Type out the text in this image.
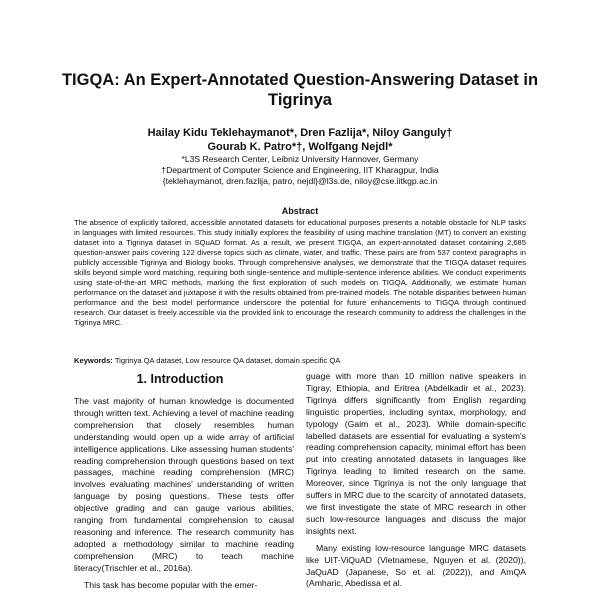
TIGQA: An Expert-Annotated Question-Answering Dataset in Tigrinya
Hailay Kidu Teklehaymanot*, Dren Fazlija*, Niloy Ganguly†
Gourab K. Patro*†, Wolfgang Nejdl*
*L3S Research Center, Leibniz University Hannover, Germany
†Department of Computer Science and Engineering, IIT Kharagpur, India
{teklehaymanot, dren.fazlija, patro, nejdl}@l3s.de, niloy@cse.iitkgp.ac.in
Abstract
The absence of explicitly tailored, accessible annotated datasets for educational purposes presents a notable obstacle for NLP tasks in languages with limited resources. This study initially explores the feasibility of using machine translation (MT) to convert an existing dataset into a Tigrinya dataset in SQuAD format. As a result, we present TIGQA, an expert-annotated dataset containing 2,685 question-answer pairs covering 122 diverse topics such as climate, water, and traffic. These pairs are from 537 context paragraphs in publicly accessible Tigrinya and Biology books. Through comprehensive analyses, we demonstrate that the TIGQA dataset requires skills beyond simple word matching, requiring both single-sentence and multiple-sentence inference abilities. We conduct experiments using state-of-the-art MRC methods, marking the first exploration of such models on TIGQA. Additionally, we estimate human performance on the dataset and juxtapose it with the results obtained from pre-trained models. The notable disparities between human performance and the best model performance underscore the potential for future enhancements to TIGQA through continued research. Our dataset is freely accessible via the provided link to encourage the research community to address the challenges in the Tigrinya MRC.
Keywords: Tigrinya QA dataset, Low resource QA dataset, domain specific QA
1. Introduction

The vast majority of human knowledge is documented through written text. Achieving a level of machine reading comprehension that closely resembles human understanding would open up a wide array of artificial intelligence applications. Like assessing human students' reading comprehension through questions based on text passages, machine reading comprehension (MRC) involves evaluating machines' understanding of written language by posing questions. These tests offer objective grading and can gauge various abilities, ranging from fundamental comprehension to causal reasoning and inference. The research community has adopted a methodology similar to machine reading comprehension (MRC) to teach machine literacy(Trischler et al., 2016a).

This task has become popular with the emer-

guage with more than 10 million native speakers in Tigray, Ethiopia, and Eritrea (Abdelkadir et al., 2023). Tigrinya differs significantly from English regarding linguistic properties, including syntax, morphology, and typology (Gaim et al., 2023). While domain-specific labelled datasets are essential for evaluating a system's reading comprehension capacity, minimal effort has been put into creating annotated datasets in languages like Tigrinya leading to limited research on the same. Moreover, since Tigrinya is not the only language that suffers in MRC due to the scarcity of annotated datasets, we first investigate the state of MRC research in other such low-resource languages and discuss the major insights next.

Many existing low-resource language MRC datasets like UIT-ViQuAD (Vietnamese, Nguyen et al. (2020)), JaQuAD (Japanese, So et al. (2022)), and AmQA (Amharic, Abedissa et al.
